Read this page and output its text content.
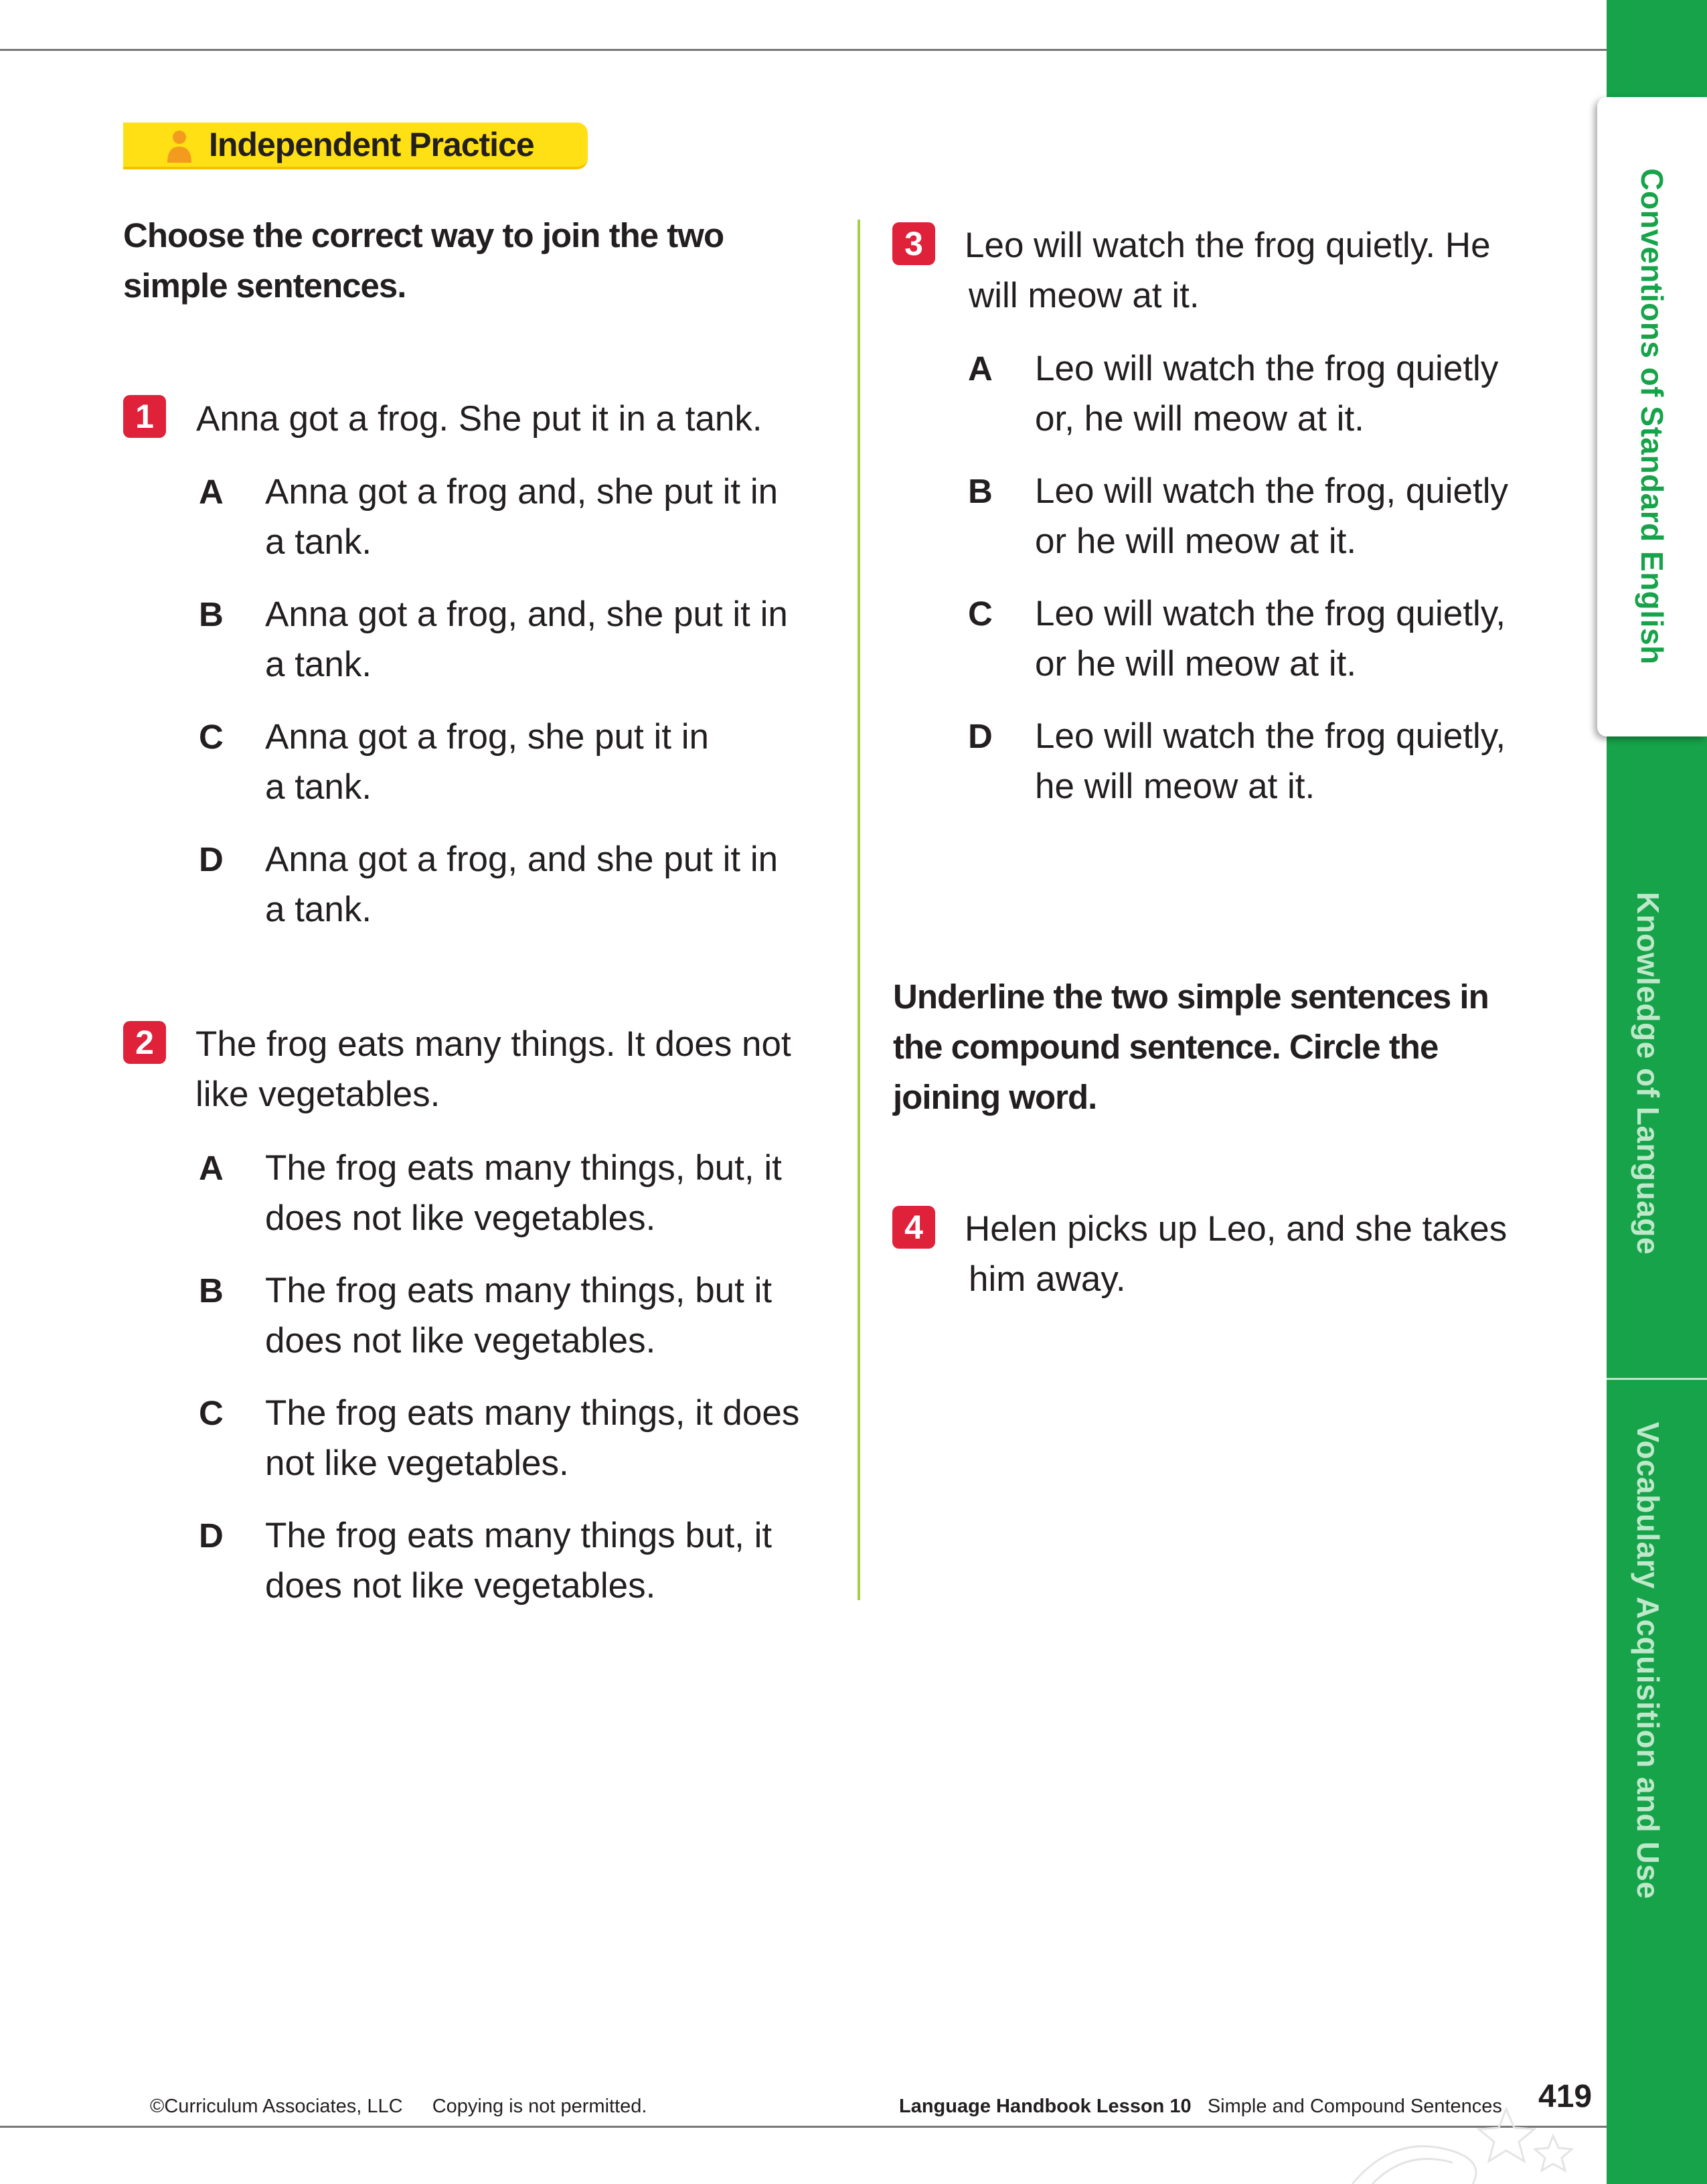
Conventions of Standard English
Knowledge of Language
Vocabulary Acquisition and Use
Independent Practice
Choose the correct way to join the two
simple sentences.
1	Anna got a frog. She put it in a tank.
A Anna got a frog and, she put it in
a tank.
B Anna got a frog, and, she put it in
a tank.
C Anna got a frog, she put it in
a tank.
D Anna got a frog, and she put it in
a tank.
2	The frog eats many things. It does not
like vegetables.
A The frog eats many things, but, it
does not like vegetables.
B The frog eats many things, but it
does not like vegetables.
C The frog eats many things, it does
not like vegetables.
D The frog eats many things but, it
does not like vegetables.
3	Leo will watch the frog quietly. He
will meow at it.
A Leo will watch the frog quietly
or, he will meow at it.
B Leo will watch the frog, quietly
or he will meow at it.
C Leo will watch the frog quietly,
or he will meow at it.
D Leo will watch the frog quietly,
he will meow at it.
Underline the two simple sentences in
the compound sentence. Circle the
joining word.
4	Helen picks up Leo, and she takes
him away.
©Curriculum Associates, LLC Copying is not permitted.	Language Handbook Lesson 10 Simple and Compound Sentences 419
